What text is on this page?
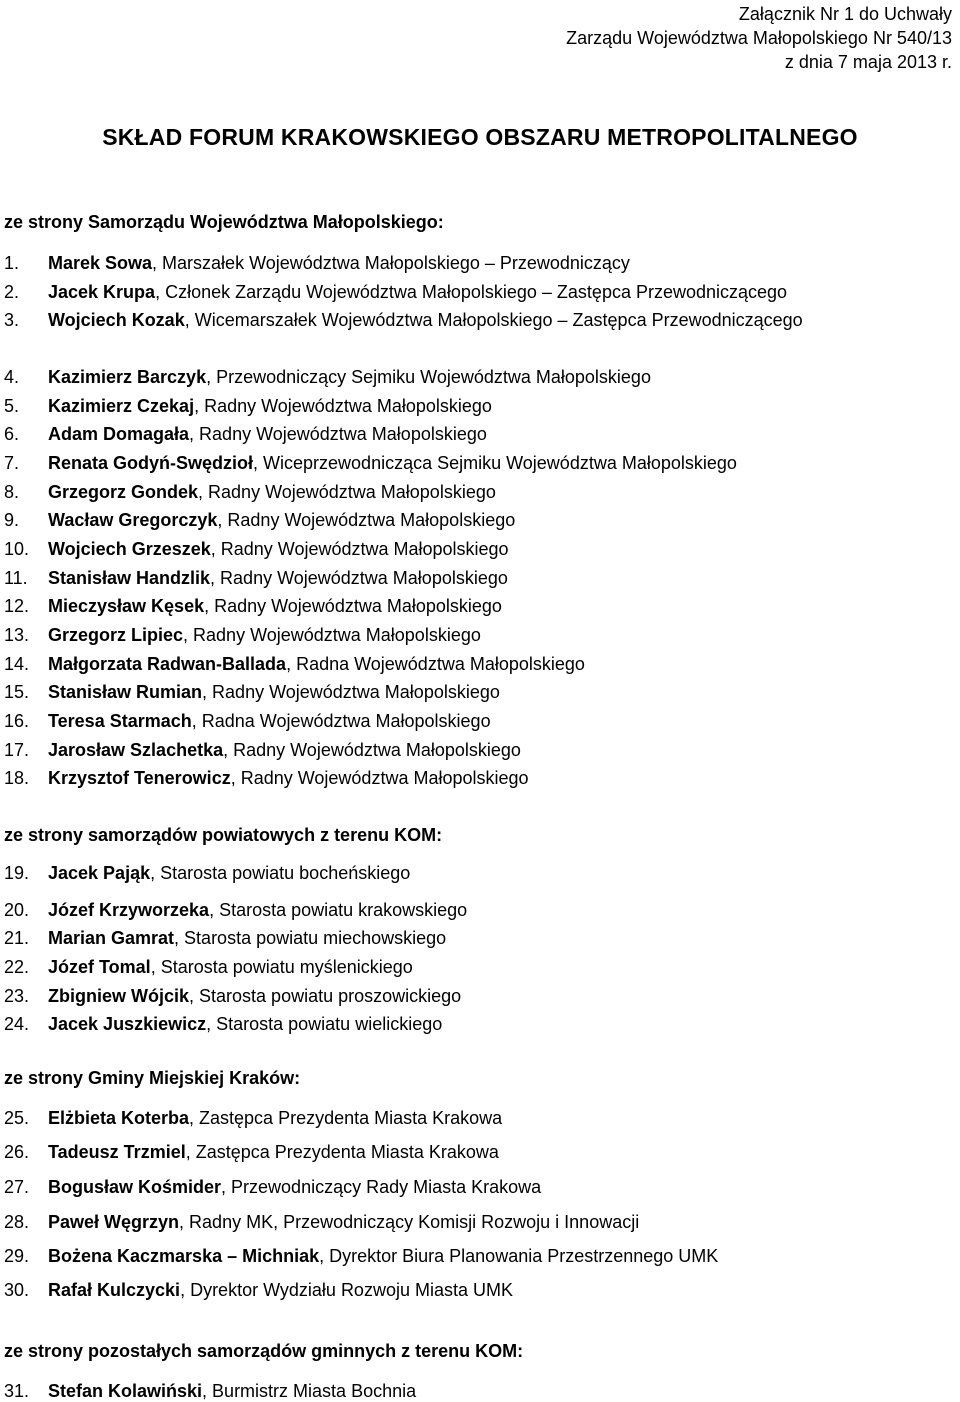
Załącznik Nr 1 do Uchwały
Zarządu Województwa Małopolskiego Nr 540/13
z dnia 7 maja 2013 r.
SKŁAD FORUM KRAKOWSKIEGO OBSZARU METROPOLITALNEGO
ze strony Samorządu Województwa Małopolskiego:
1.	Marek Sowa, Marszałek Województwa Małopolskiego – Przewodniczący
2.	Jacek Krupa, Członek Zarządu Województwa Małopolskiego – Zastępca Przewodniczącego
3.	Wojciech Kozak, Wicemarszałek Województwa Małopolskiego – Zastępca Przewodniczącego
4.	Kazimierz Barczyk, Przewodniczący Sejmiku Województwa Małopolskiego
5.	Kazimierz Czekaj, Radny Województwa Małopolskiego
6.	Adam Domagała, Radny Województwa Małopolskiego
7.	Renata Godyń-Swędzioł, Wiceprzewodnicząca Sejmiku Województwa Małopolskiego
8.	Grzegorz Gondek, Radny Województwa Małopolskiego
9.	Wacław Gregorczyk, Radny Województwa Małopolskiego
10.	Wojciech Grzeszek, Radny Województwa Małopolskiego
11.	Stanisław Handzlik, Radny Województwa Małopolskiego
12.	Mieczysław Kęsek, Radny Województwa Małopolskiego
13.	Grzegorz Lipiec, Radny Województwa Małopolskiego
14.	Małgorzata Radwan-Ballada, Radna Województwa Małopolskiego
15.	Stanisław Rumian, Radny Województwa Małopolskiego
16.	Teresa Starmach, Radna Województwa Małopolskiego
17.	Jarosław Szlachetka, Radny Województwa Małopolskiego
18.	Krzysztof Tenerowicz, Radny Województwa Małopolskiego
ze strony samorządów powiatowych z terenu KOM:
19.	Jacek Pająk, Starosta powiatu bocheńskiego
20.	Józef Krzyworzeka, Starosta powiatu krakowskiego
21.	Marian Gamrat, Starosta powiatu miechowskiego
22.	Józef Tomal, Starosta powiatu myślenickiego
23.	Zbigniew Wójcik, Starosta powiatu proszowickiego
24.	Jacek Juszkiewicz, Starosta powiatu wielickiego
ze strony Gminy Miejskiej Kraków:
25.	Elżbieta Koterba, Zastępca Prezydenta Miasta Krakowa
26.	Tadeusz Trzmiel, Zastępca Prezydenta Miasta Krakowa
27.	Bogusław Kośmider, Przewodniczący Rady Miasta Krakowa
28.	Paweł Węgrzyn, Radny MK, Przewodniczący Komisji Rozwoju i Innowacji
29.	Bożena Kaczmarska – Michniak, Dyrektor Biura Planowania Przestrzennego UMK
30.	Rafał Kulczycki, Dyrektor Wydziału Rozwoju Miasta UMK
ze strony pozostałych samorządów gminnych z terenu KOM:
31.	Stefan Kolawiński, Burmistrz Miasta Bochnia
